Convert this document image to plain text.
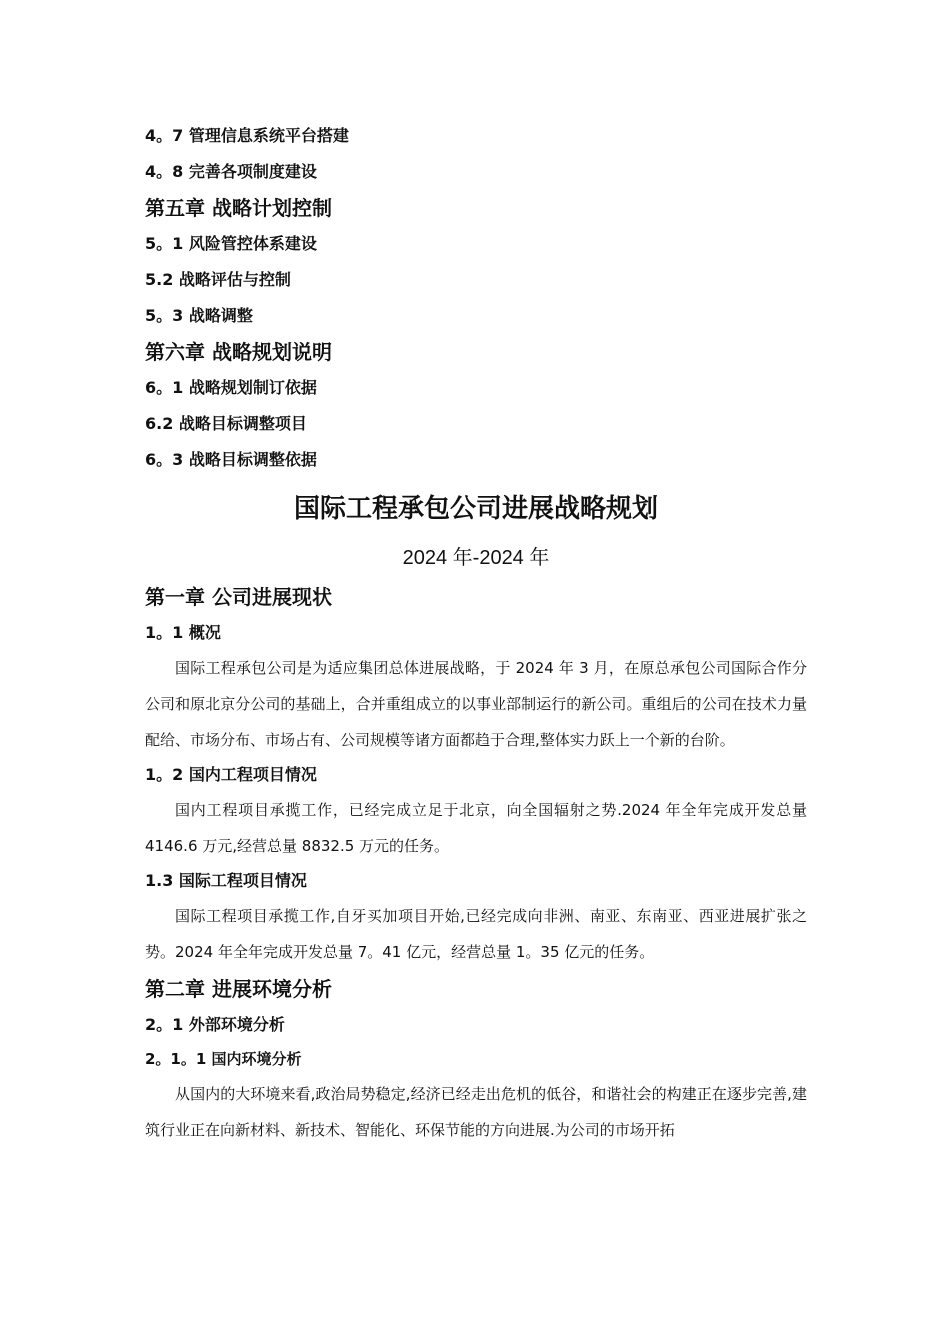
4。7 管理信息系统平台搭建
4。8 完善各项制度建设
第五章 战略计划控制
5。1 风险管控体系建设
5.2 战略评估与控制
5。3 战略调整
第六章 战略规划说明
6。1 战略规划制订依据
6.2 战略目标调整项目
6。3 战略目标调整依据
国际工程承包公司进展战略规划
2024 年-2024 年
第一章 公司进展现状
1。1 概况

国际工程承包公司是为适应集团总体进展战略，于 2024 年 3 月，在原总承包公司国际合作分公司和原北京分公司的基础上，合并重组成立的以事业部制运行的新公司。重组后的公司在技术力量配给、市场分布、市场占有、公司规模等诸方面都趋于合理,整体实力跃上一个新的台阶。

1。2 国内工程项目情况

国内工程项目承揽工作，已经完成立足于北京，向全国辐射之势.2024 年全年完成开发总量 4146.6 万元,经营总量 8832.5 万元的任务。

1.3 国际工程项目情况

国际工程项目承揽工作,自牙买加项目开始,已经完成向非洲、南亚、东南亚、西亚进展扩张之势。2024 年全年完成开发总量 7。41 亿元，经营总量 1。35 亿元的任务。

第二章 进展环境分析
2。1 外部环境分析
2。1。1 国内环境分析

从国内的大环境来看,政治局势稳定,经济已经走出危机的低谷，和谐社会的构建正在逐步完善,建筑行业正在向新材料、新技术、智能化、环保节能的方向进展.为公司的市场开拓
